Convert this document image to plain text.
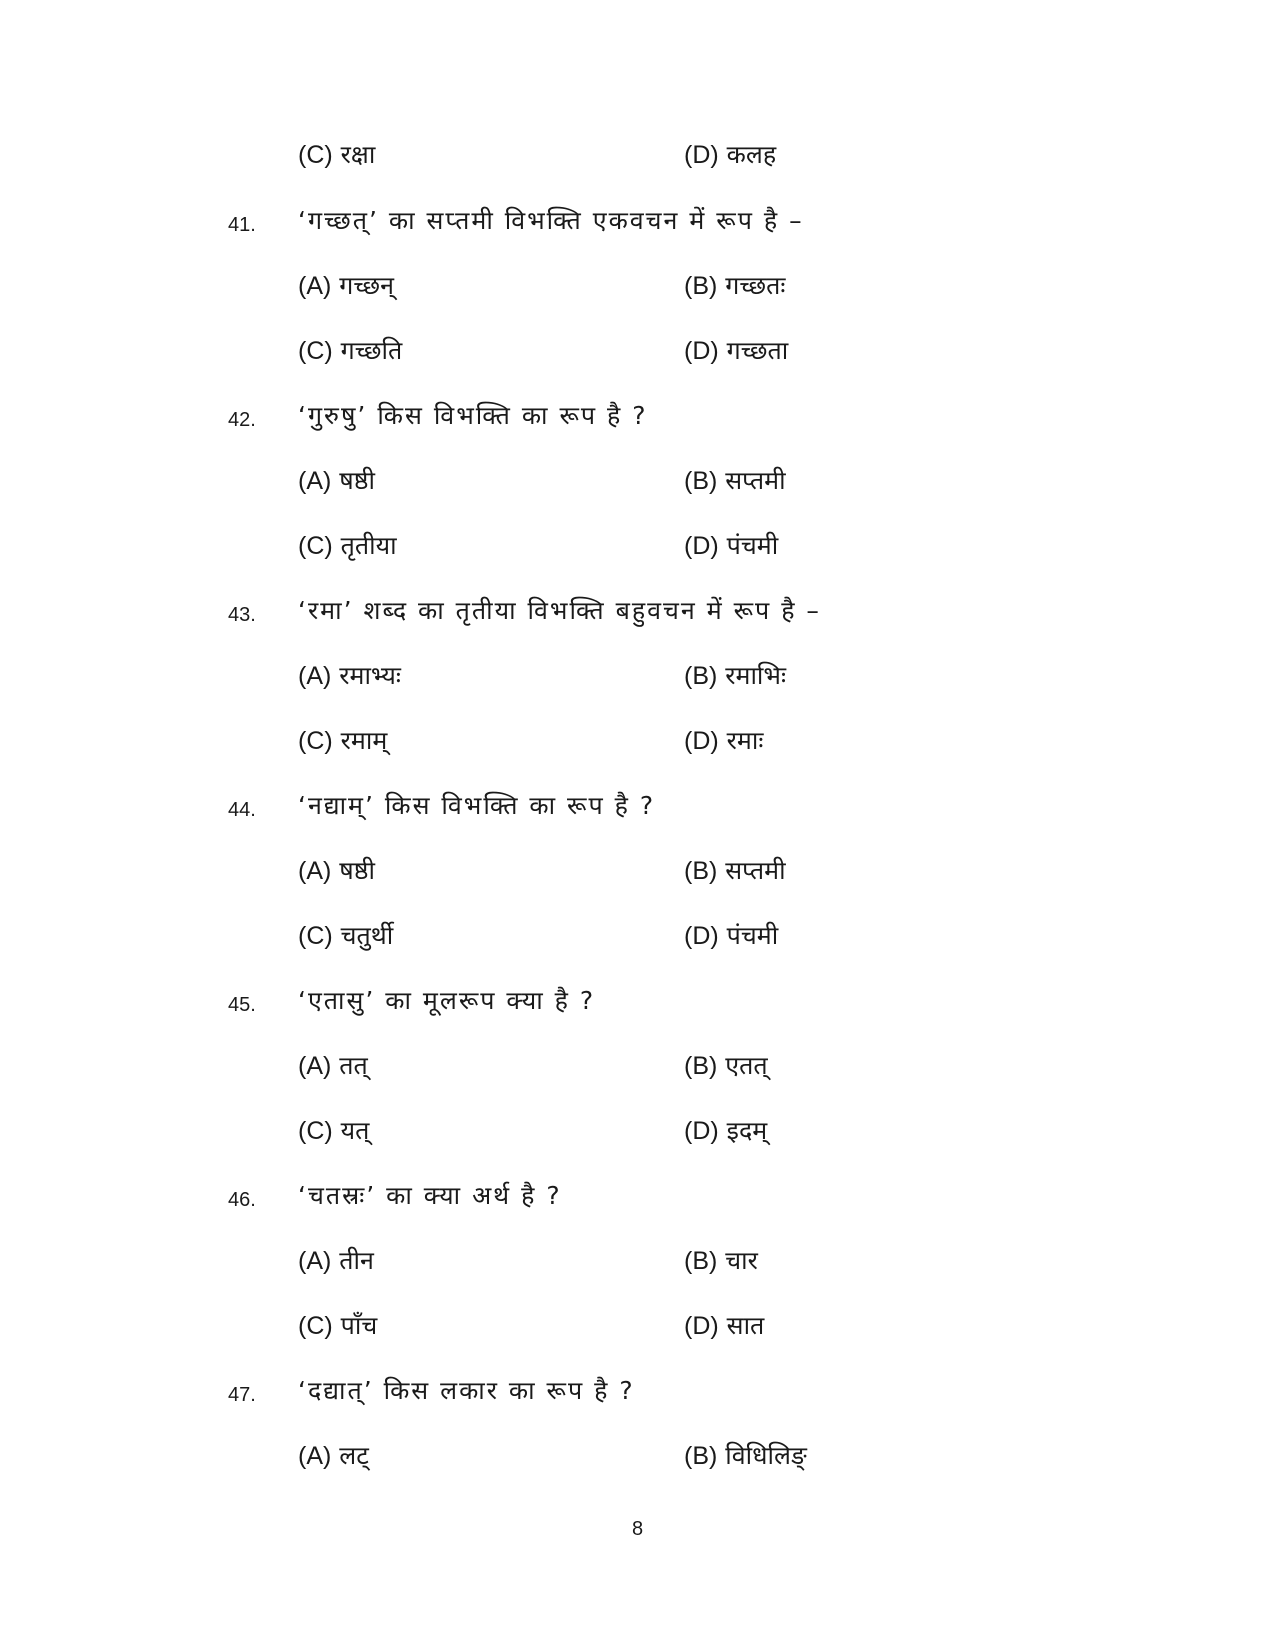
(C) रक्षा	(D) कलह
41. ‘गच्छत्’ का सप्तमी विभक्ति एकवचन में रूप है –
(A) गच्छन्	(B) गच्छतः
(C) गच्छति	(D) गच्छता
42. ‘गुरुषु’ किस विभक्ति का रूप है ?
(A) षष्ठी	(B) सप्तमी
(C) तृतीया	(D) पंचमी
43. ‘रमा’ शब्द का तृतीया विभक्ति बहुवचन में रूप है –
(A) रमाभ्यः	(B) रमाभिः
(C) रमाम्	(D) रमाः
44. ‘नद्याम्’ किस विभक्ति का रूप है ?
(A) षष्ठी	(B) सप्तमी
(C) चतुर्थी	(D) पंचमी
45. ‘एतासु’ का मूलरूप क्या है ?
(A) तत्	(B) एतत्
(C) यत्	(D) इदम्
46. ‘चतस्रः’ का क्या अर्थ है ?
(A) तीन	(B) चार
(C) पाँच	(D) सात
47. ‘दद्यात्’ किस लकार का रूप है ?
(A) लट्	(B) विधिलिङ्
8
